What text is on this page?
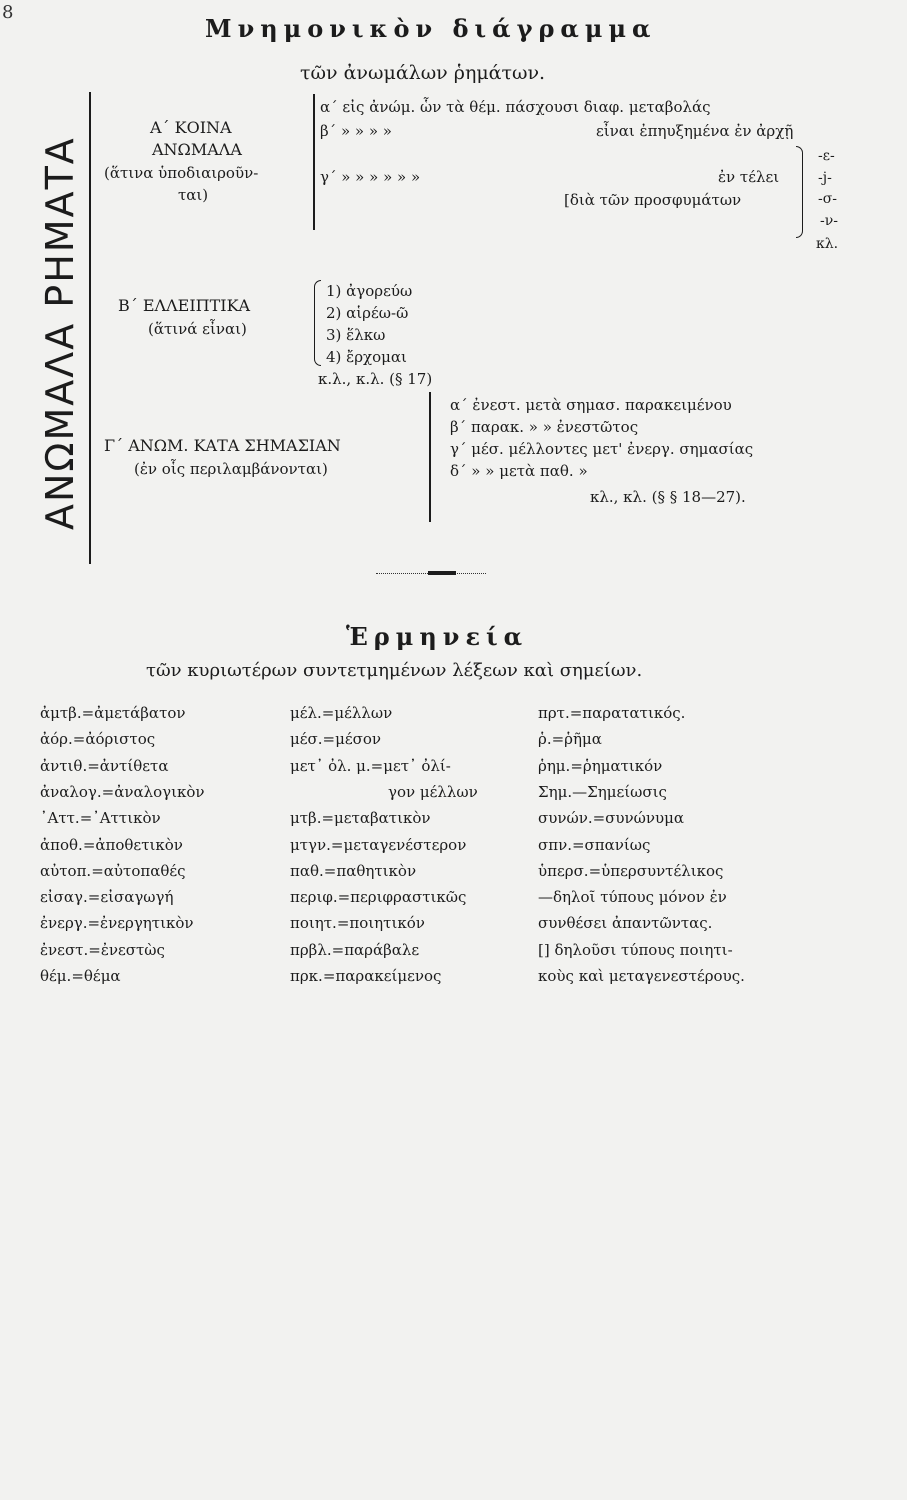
8
Μνημονικὸν διάγραμμα
τῶν ἀνωμάλων ῥημάτων.
ΑΝΩΜΑΛΑ ΡΗΜΑΤΑ
Α΄ ΚΟΙΝΑ
ΑΝΩΜΑΛΑ
(ἅτινα ὑποδιαιροῦν-
ται)
α΄ εἰς ἀνώμ. ὧν τὰ θέμ. πάσχουσι διαφ. μεταβολάς
β΄ » » » »	εἶναι ἐπηυξημένα ἐν ἀρχῇ
γ΄ » » » » » »	ἐν τέλει
[διὰ τῶν προσφυμάτων
-ε-
-j-
-σ-
-ν-
κλ.
Β΄ ΕΛΛΕΙΠΤΙΚΑ
(ἅτινά εἶναι)
1) ἀγορεύω
2) αἱρέω-ῶ
3) ἕλκω
4) ἔρχομαι
κ.λ., κ.λ. (§ 17)
Γ΄ ΑΝΩΜ. ΚΑΤΑ ΣΗΜΑΣΙΑΝ
(ἐν οἷς περιλαμβάνονται)
α΄ ἐνεστ. μετὰ σημασ. παρακειμένου
β΄ παρακ. » » ἐνεστῶτος
γ΄ μέσ. μέλλοντες μετ' ἐνεργ. σημασίας
δ΄ » » μετὰ παθ. »
κλ., κλ. (§ § 18—27).
Ἑρμηνεία
τῶν κυριωτέρων συντετμημένων λέξεων καὶ σημείων.
ἀμτβ.=ἀμετάβατον
ἀόρ.=ἀόριστος
ἀντιθ.=ἀντίθετα
ἀναλογ.=ἀναλογικὸν
᾿Αττ.=᾿Αττικὸν
ἀποθ.=ἀποθετικὸν
αὐτοπ.=αὐτοπαθές
εἰσαγ.=εἰσαγωγή
ἐνεργ.=ἐνεργητικὸν
ἐνεστ.=ἐνεστὼς
θέμ.=θέμα
μέλ.=μέλλων
μέσ.=μέσον
μετ᾿ ὀλ. μ.=μετ᾿ ὀλί-
γον μέλλων
μτβ.=μεταβατικὸν
μτγν.=μεταγενέστερον
παθ.=παθητικὸν
περιφ.=περιφραστικῶς
ποιητ.=ποιητικόν
πρβλ.=παράβαλε
πρκ.=παρακείμενος
πρτ.=παρατατικός.
ῥ.=ῥῆμα
ῥημ.=ῥηματικόν
Σημ.—Σημείωσις
συνών.=συνώνυμα
σπν.=σπανίως
ὑπερσ.=ὑπερσυντέλικος
—δηλοῖ τύπους μόνον ἐν
συνθέσει ἀπαντῶντας.
[] δηλοῦσι τύπους ποιητι-
κοὺς καὶ μεταγενεστέρους.
